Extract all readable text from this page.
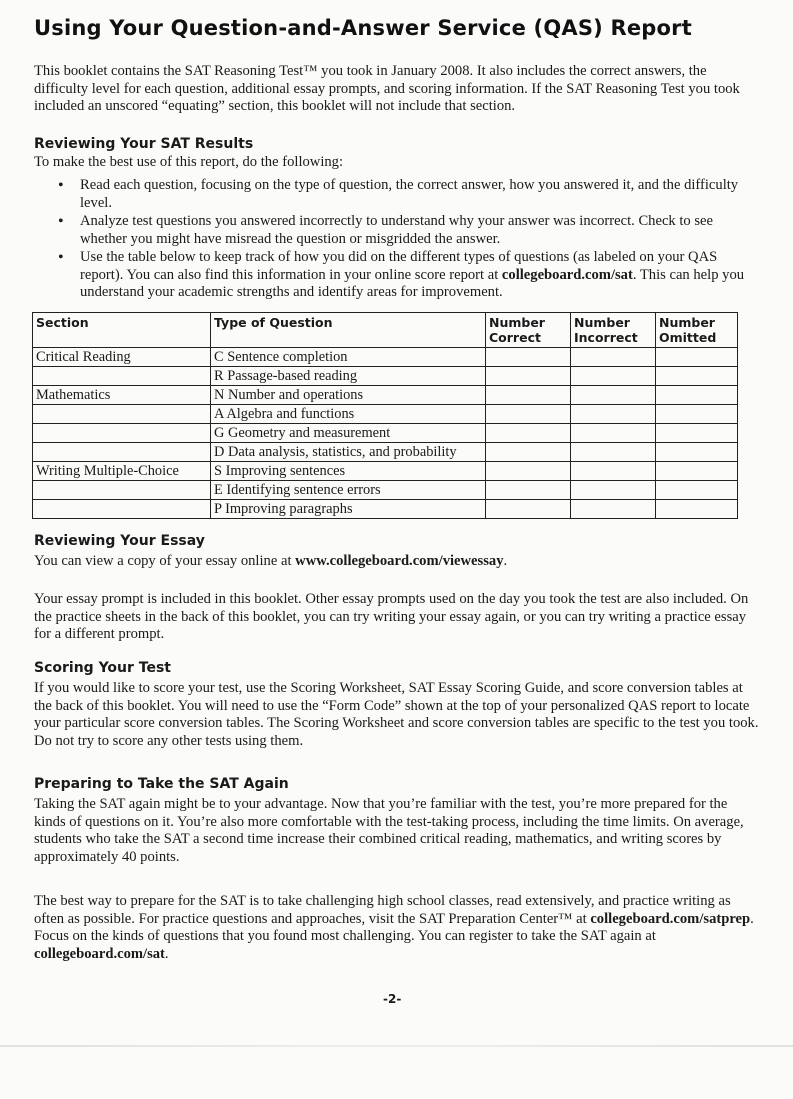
Using Your Question-and-Answer Service (QAS) Report

This booklet contains the SAT Reasoning Test™ you took in January 2008. It also includes the correct answers, the difficulty level for each question, additional essay prompts, and scoring information. If the SAT Reasoning Test you took included an unscored “equating” section, this booklet will not include that section.

Reviewing Your SAT Results

To make the best use of this report, do the following:

• Read each question, focusing on the type of question, the correct answer, how you answered it, and the difficulty level.
• Analyze test questions you answered incorrectly to understand why your answer was incorrect. Check to see whether you might have misread the question or misgridded the answer.
• Use the table below to keep track of how you did on the different types of questions (as labeled on your QAS report). You can also find this information in your online score report at collegeboard.com/sat. This can help you understand your academic strengths and identify areas for improvement.
Section	Type of Question	Number Correct	Number Incorrect	Number Omitted
Critical Reading	C Sentence completion			
	R Passage-based reading			
Mathematics	N Number and operations			
	A Algebra and functions			
	G Geometry and measurement			
	D Data analysis, statistics, and probability			
Writing Multiple-Choice	S Improving sentences			
	E Identifying sentence errors			
	P Improving paragraphs			
Reviewing Your Essay

You can view a copy of your essay online at www.collegeboard.com/viewessay.

Your essay prompt is included in this booklet. Other essay prompts used on the day you took the test are also included. On the practice sheets in the back of this booklet, you can try writing your essay again, or you can try writing a practice essay for a different prompt.

Scoring Your Test

If you would like to score your test, use the Scoring Worksheet, SAT Essay Scoring Guide, and score conversion tables at the back of this booklet. You will need to use the “Form Code” shown at the top of your personalized QAS report to locate your particular score conversion tables. The Scoring Worksheet and score conversion tables are specific to the test you took. Do not try to score any other tests using them.

Preparing to Take the SAT Again

Taking the SAT again might be to your advantage. Now that you’re familiar with the test, you’re more prepared for the kinds of questions on it. You’re also more comfortable with the test-taking process, including the time limits. On average, students who take the SAT a second time increase their combined critical reading, mathematics, and writing scores by approximately 40 points.

The best way to prepare for the SAT is to take challenging high school classes, read extensively, and practice writing as often as possible. For practice questions and approaches, visit the SAT Preparation Center™ at collegeboard.com/satprep. Focus on the kinds of questions that you found most challenging. You can register to take the SAT again at collegeboard.com/sat.

-2-
